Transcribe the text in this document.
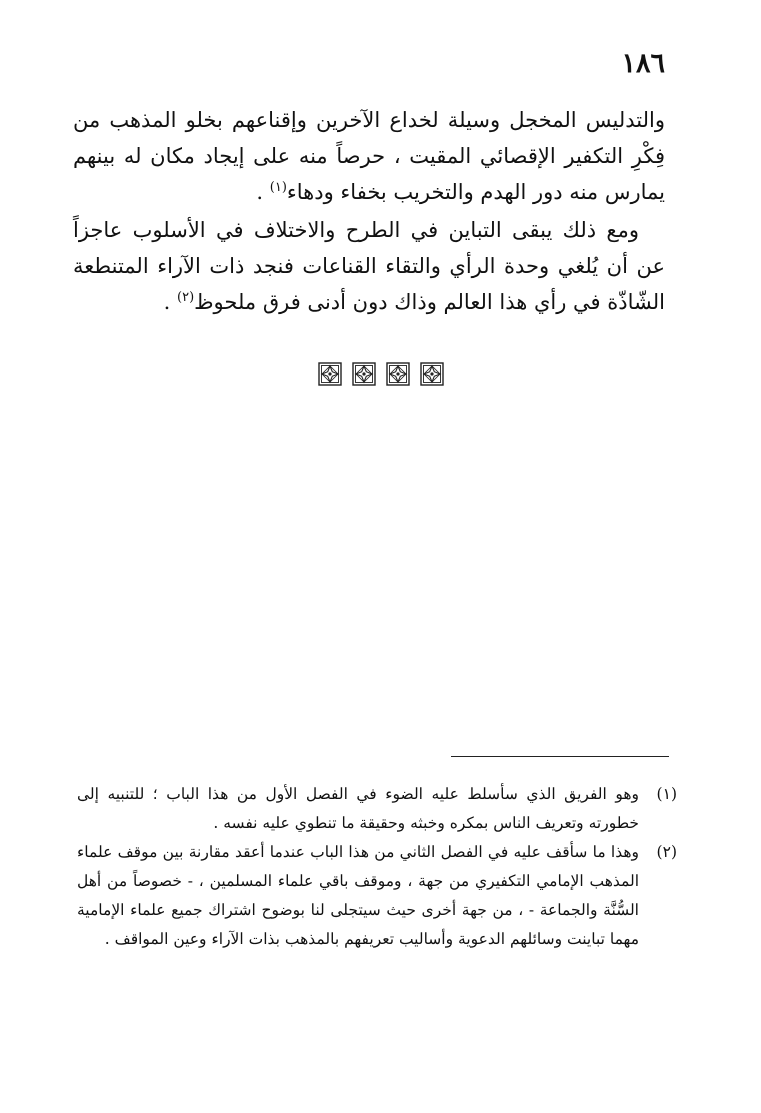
١٨٦

والتدليس المخجل وسيلة لخداع الآخرين وإقناعهم بخلو المذهب من فِكْرِ التكفير الإقصائي المقيت ، حرصاً منه على إيجاد مكان له بينهم يمارس منه دور الهدم والتخريب بخفاء ودهاء$^{(١)}$ .

ومع ذلك يبقى التباين في الطرح والاختلاف في الأسلوب عاجزاً عن أن يُلغي وحدة الرأي والتقاء القناعات فنجد ذات الآراء المتنطعة الشّاذّة في رأي هذا العالم وذاك دون أدنى فرق ملحوظ$^{(٢)}$ .

(١)
وهو الفريق الذي سأسلط عليه الضوء في الفصل الأول من هذا الباب ؛ للتنبيه إلى خطورته وتعريف الناس بمكره وخبثه وحقيقة ما تنطوي عليه نفسه .
(٢)
وهذا ما سأقف عليه في الفصل الثاني من هذا الباب عندما أعقد مقارنة بين موقف علماء المذهب الإمامي التكفيري من جهة ، وموقف باقي علماء المسلمين ، - خصوصاً من أهل السُّنَّة والجماعة - ، من جهة أخرى حيث سيتجلى لنا بوضوح اشتراك جميع علماء الإمامية مهما تباينت وسائلهم الدعوية وأساليب تعريفهم بالمذهب بذات الآراء وعين المواقف .
